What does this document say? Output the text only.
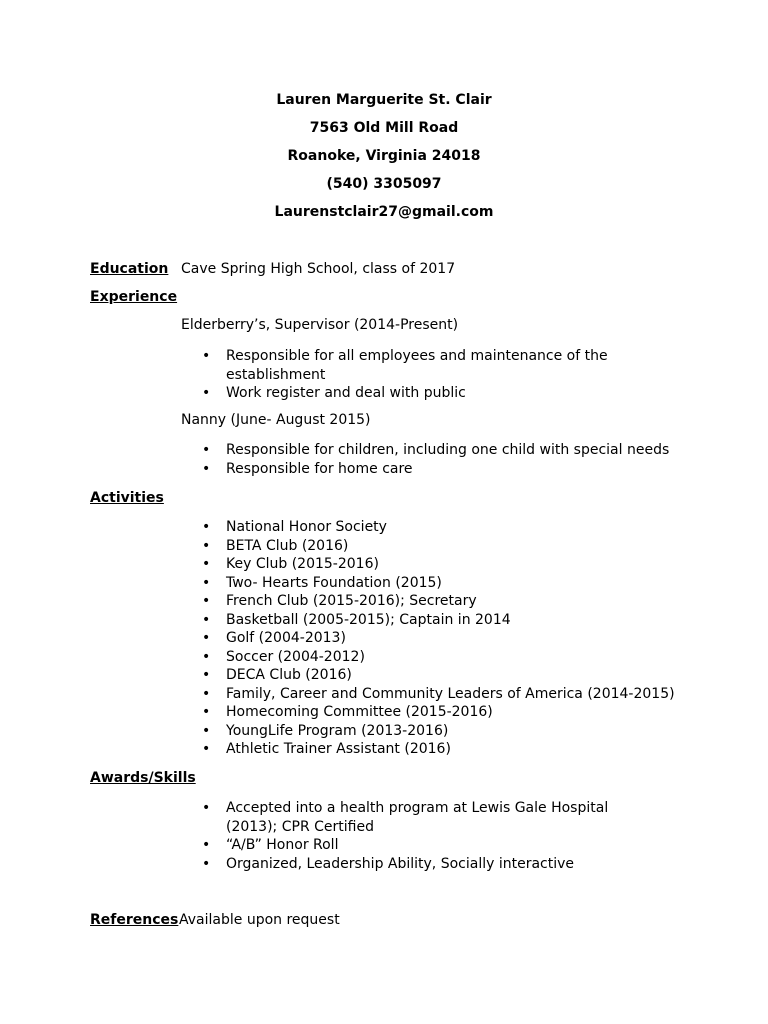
Lauren Marguerite St. Clair
7563 Old Mill Road
Roanoke, Virginia 24018
(540) 3305097
Laurenstclair27@gmail.com
Education Cave Spring High School, class of 2017
Experience
Elderberry’s, Supervisor (2014-Present)
• Responsible for all employees and maintenance of the establishment
• Work register and deal with public
Nanny (June- August 2015)
• Responsible for children, including one child with special needs
• Responsible for home care
Activities
• National Honor Society
• BETA Club (2016)
• Key Club (2015-2016)
• Two- Hearts Foundation (2015)
• French Club (2015-2016); Secretary
• Basketball (2005-2015); Captain in 2014
• Golf (2004-2013)
• Soccer (2004-2012)
• DECA Club (2016)
• Family, Career and Community Leaders of America (2014-2015)
• Homecoming Committee (2015-2016)
• YoungLife Program (2013-2016)
• Athletic Trainer Assistant (2016)
Awards/Skills
• Accepted into a health program at Lewis Gale Hospital (2013); CPR Certified
• “A/B” Honor Roll
• Organized, Leadership Ability, Socially interactive
References Available upon request
